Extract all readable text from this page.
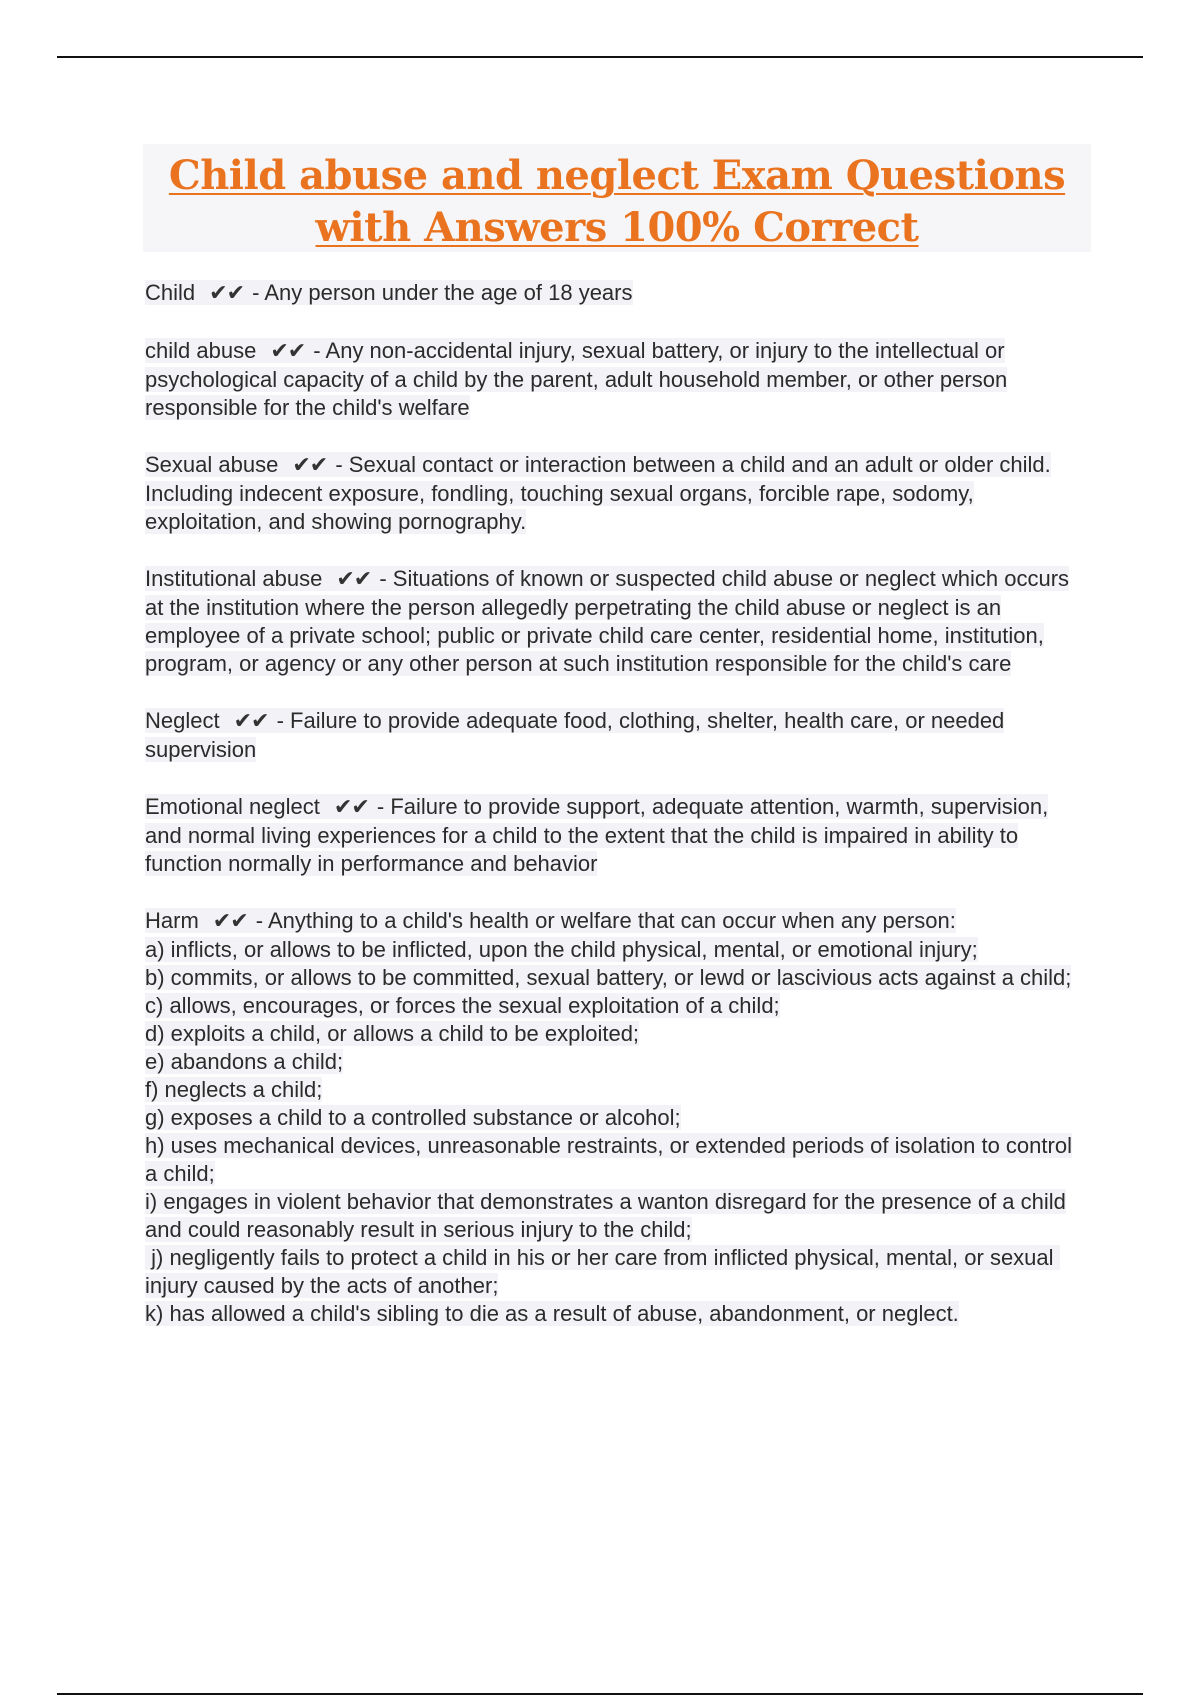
Child abuse and neglect Exam Questions
with Answers 100% Correct

Child ✔✔ - Any person under the age of 18 years

child abuse ✔✔ - Any non-accidental injury, sexual battery, or injury to the intellectual or psychological capacity of a child by the parent, adult household member, or other person responsible for the child's welfare

Sexual abuse ✔✔ - Sexual contact or interaction between a child and an adult or older child. Including indecent exposure, fondling, touching sexual organs, forcible rape, sodomy, exploitation, and showing pornography.

Institutional abuse ✔✔ - Situations of known or suspected child abuse or neglect which occurs at the institution where the person allegedly perpetrating the child abuse or neglect is an employee of a private school; public or private child care center, residential home, institution, program, or agency or any other person at such institution responsible for the child's care

Neglect ✔✔ - Failure to provide adequate food, clothing, shelter, health care, or needed supervision

Emotional neglect ✔✔ - Failure to provide support, adequate attention, warmth, supervision, and normal living experiences for a child to the extent that the child is impaired in ability to function normally in performance and behavior

Harm ✔✔ - Anything to a child's health or welfare that can occur when any person:
a) inflicts, or allows to be inflicted, upon the child physical, mental, or emotional injury;
b) commits, or allows to be committed, sexual battery, or lewd or lascivious acts against a child;
c) allows, encourages, or forces the sexual exploitation of a child;
d) exploits a child, or allows a child to be exploited;
e) abandons a child;
f) neglects a child;
g) exposes a child to a controlled substance or alcohol;
h) uses mechanical devices, unreasonable restraints, or extended periods of isolation to control a child;
i) engages in violent behavior that demonstrates a wanton disregard for the presence of a child and could reasonably result in serious injury to the child;
j) negligently fails to protect a child in his or her care from inflicted physical, mental, or sexual injury caused by the acts of another;
k) has allowed a child's sibling to die as a result of abuse, abandonment, or neglect.
